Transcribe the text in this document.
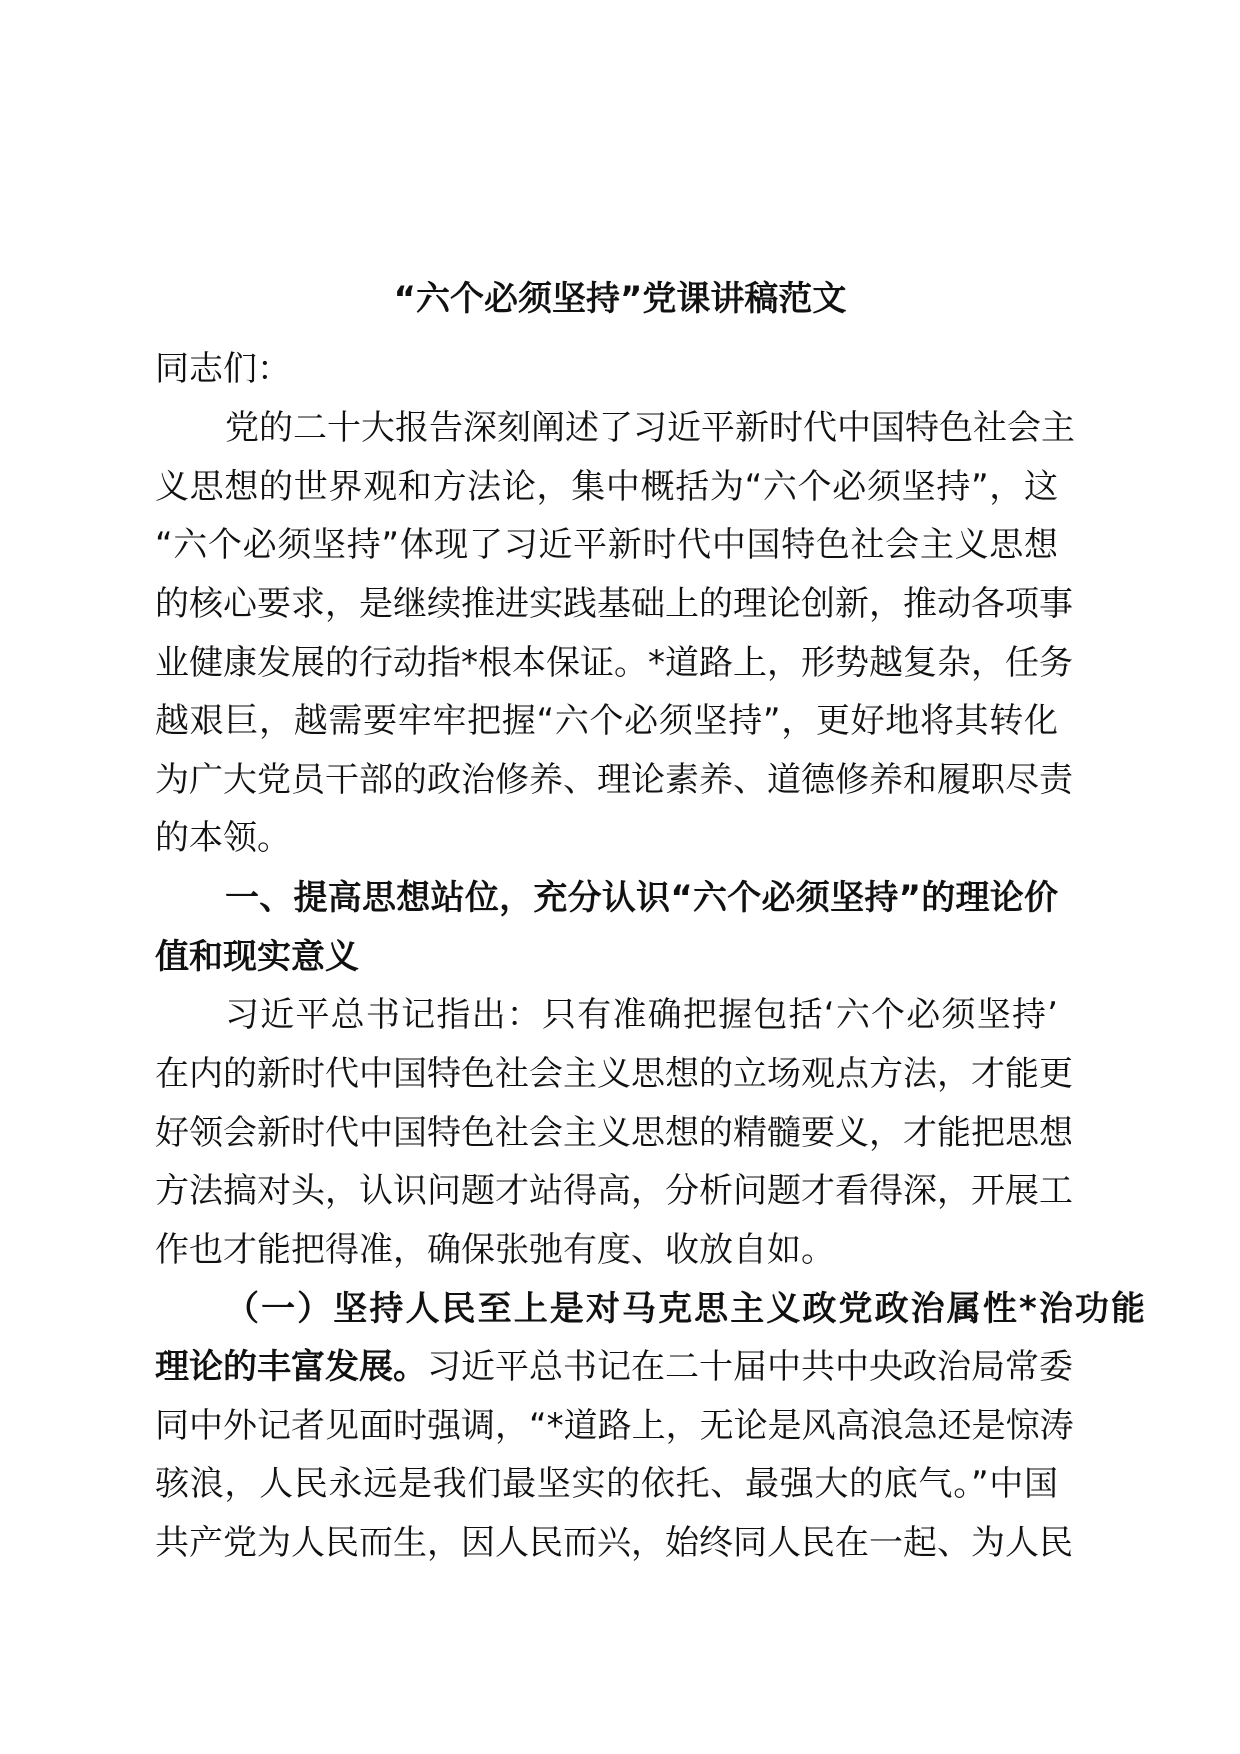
“六个必须坚持”党课讲稿范文
同志们：
党的二十大报告深刻阐述了习近平新时代中国特色社会主
义思想的世界观和方法论，集中概括为“六个必须坚持”，这
“六个必须坚持”体现了习近平新时代中国特色社会主义思想
的核心要求，是继续推进实践基础上的理论创新，推动各项事
业健康发展的行动指*根本保证。*道路上，形势越复杂，任务
越艰巨，越需要牢牢把握“六个必须坚持”，更好地将其转化
为广大党员干部的政治修养、理论素养、道德修养和履职尽责
的本领。
一、提高思想站位，充分认识“六个必须坚持”的理论价
值和现实意义
习近平总书记指出：只有准确把握包括‘六个必须坚持’
在内的新时代中国特色社会主义思想的立场观点方法，才能更
好领会新时代中国特色社会主义思想的精髓要义，才能把思想
方法搞对头，认识问题才站得高，分析问题才看得深，开展工
作也才能把得准，确保张弛有度、收放自如。
（一）坚持人民至上是对马克思主义政党政治属性*治功能
理论的丰富发展。习近平总书记在二十届中共中央政治局常委
同中外记者见面时强调，“*道路上，无论是风高浪急还是惊涛
骇浪，人民永远是我们最坚实的依托、最强大的底气。”中国
共产党为人民而生，因人民而兴，始终同人民在一起、为人民
